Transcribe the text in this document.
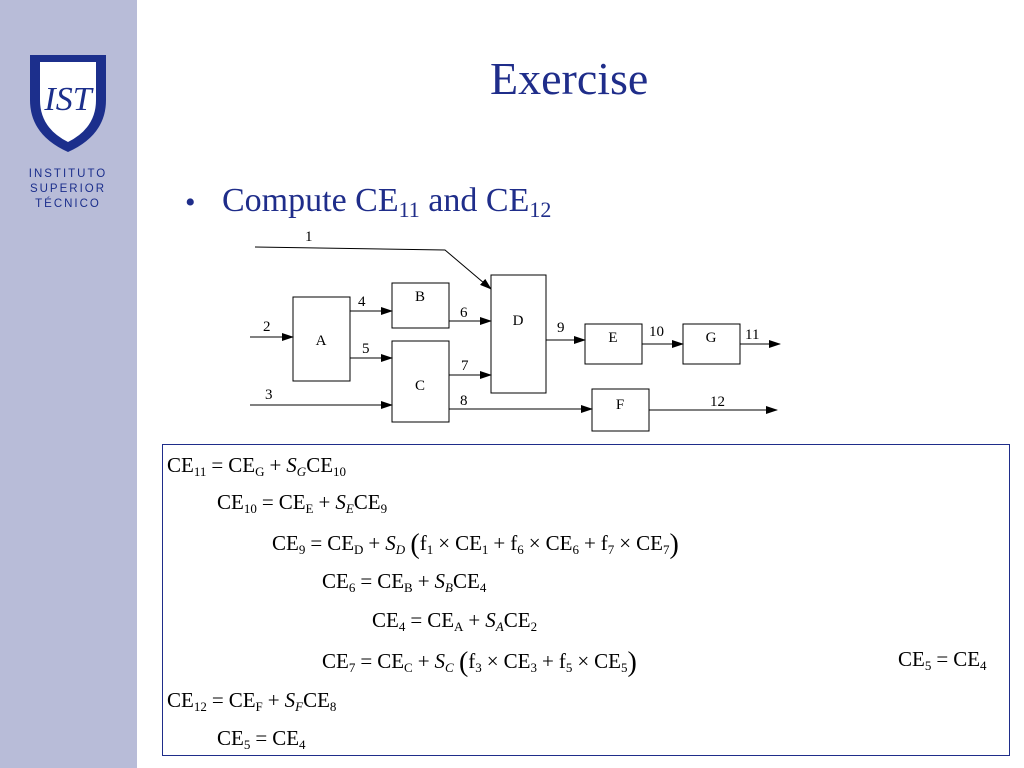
IST
INSTITUTO
SUPERIOR
TÉCNICO
Exercise
• Compute $CE_{11}$ and $CE_{12}$
A
B
C
D
E
F
G
1
2
3
4
5
6
7
8
9	10	11
12
$CE_{11} = CE_G + S_GCE_{10}$
$CE_{10} = CE_E + S_ECE_9$
$CE_9 = CE_D + S_D$ $(f_1 \times CE_1 + f_6 \times CE_6 + f_7 \times CE_7)$
$CE_6 = CE_B + S_BCE_4$
$CE_4 = CE_A + S_ACE_2$
$CE_7 = CE_C + S_C$ $(f_3 \times CE_3 + f_5 \times CE_5)$	$CE_5 = CE_4$
$CE_{12} = CE_F + S_FCE_8$
$CE_5 = CE_4$
